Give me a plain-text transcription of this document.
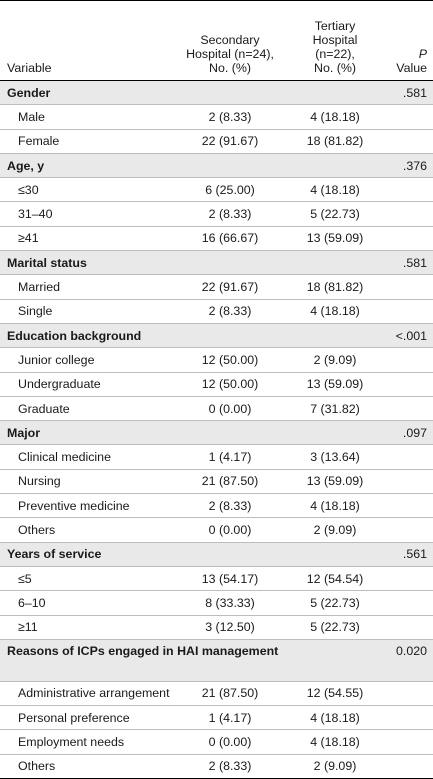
Variable	Secondary
Hospital (n=24),
No. (%)	Tertiary
Hospital
(n=22),
No. (%)	P
Value
Gender			.581
Male	2 (8.33)	4 (18.18)	
Female	22 (91.67)	18 (81.82)	
Age, y			.376
≤30	6 (25.00)	4 (18.18)	
31–40	2 (8.33)	5 (22.73)	
≥41	16 (66.67)	13 (59.09)	
Marital status			.581
Married	22 (91.67)	18 (81.82)	
Single	2 (8.33)	4 (18.18)	
Education background			<.001
Junior college	12 (50.00)	2 (9.09)	
Undergraduate	12 (50.00)	13 (59.09)	
Graduate	0 (0.00)	7 (31.82)	
Major			.097
Clinical medicine	1 (4.17)	3 (13.64)	
Nursing	21 (87.50)	13 (59.09)	
Preventive medicine	2 (8.33)	4 (18.18)	
Others	0 (0.00)	2 (9.09)	
Years of service			.561
≤5	13 (54.17)	12 (54.54)	
6–10	8 (33.33)	5 (22.73)	
≥11	3 (12.50)	5 (22.73)	
Reasons of ICPs engaged in HAI management			0.020
Administrative arrangement	21 (87.50)	12 (54.55)	
Personal preference	1 (4.17)	4 (18.18)	
Employment needs	0 (0.00)	4 (18.18)	
Others	2 (8.33)	2 (9.09)	
